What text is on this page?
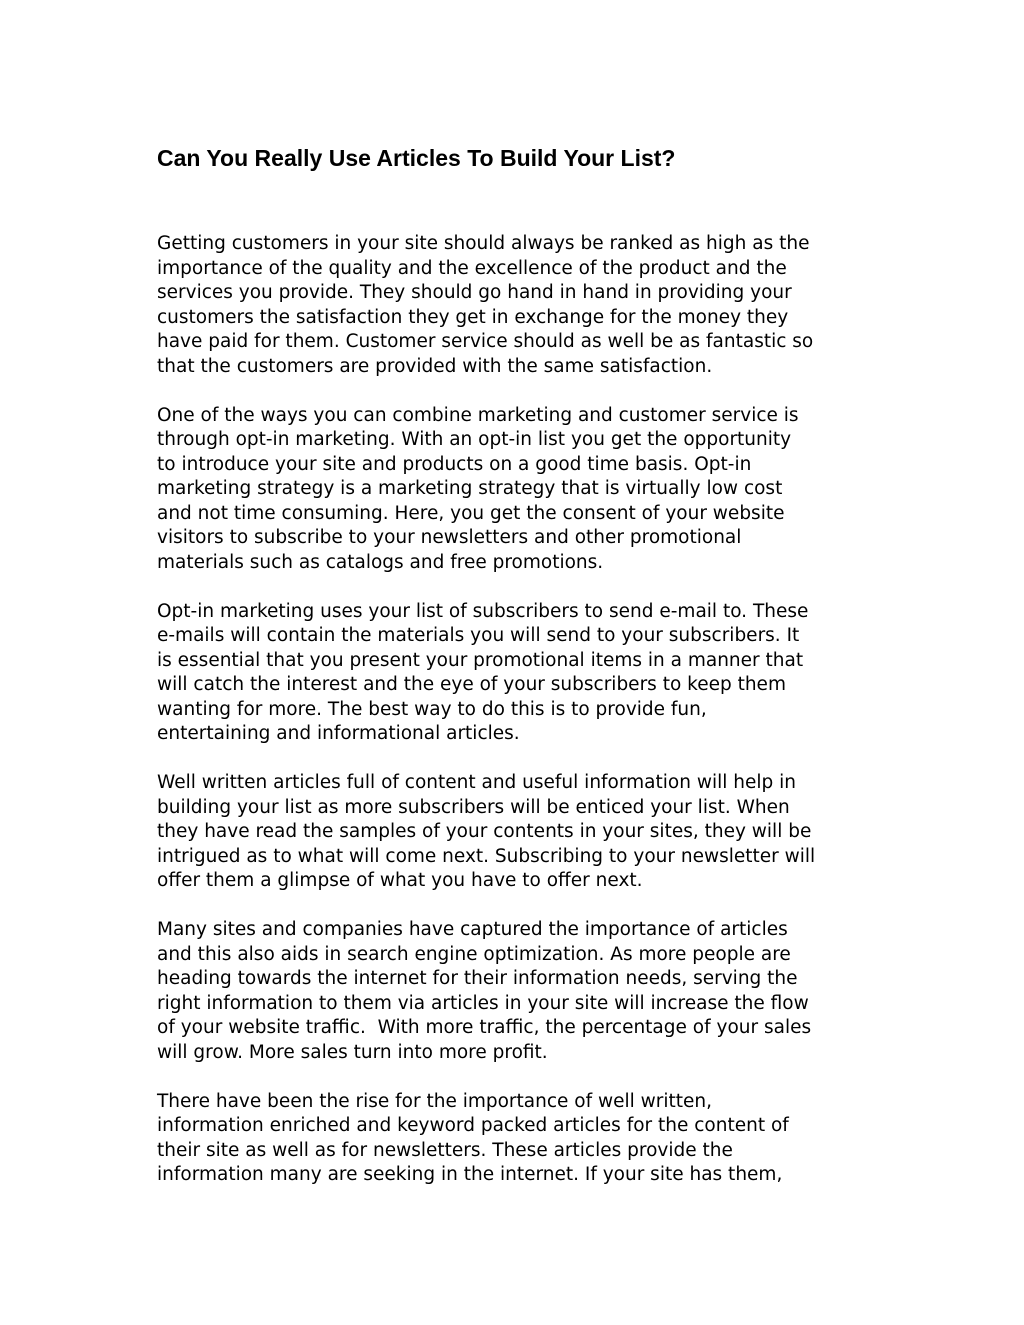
Can You Really Use Articles To Build Your List?

Getting customers in your site should always be ranked as high as the
importance of the quality and the excellence of the product and the
services you provide. They should go hand in hand in providing your
customers the satisfaction they get in exchange for the money they
have paid for them. Customer service should as well be as fantastic so
that the customers are provided with the same satisfaction.

One of the ways you can combine marketing and customer service is
through opt-in marketing. With an opt-in list you get the opportunity
to introduce your site and products on a good time basis. Opt-in
marketing strategy is a marketing strategy that is virtually low cost
and not time consuming. Here, you get the consent of your website
visitors to subscribe to your newsletters and other promotional
materials such as catalogs and free promotions.

Opt-in marketing uses your list of subscribers to send e-mail to. These
e-mails will contain the materials you will send to your subscribers. It
is essential that you present your promotional items in a manner that
will catch the interest and the eye of your subscribers to keep them
wanting for more. The best way to do this is to provide fun,
entertaining and informational articles.

Well written articles full of content and useful information will help in
building your list as more subscribers will be enticed your list. When
they have read the samples of your contents in your sites, they will be
intrigued as to what will come next. Subscribing to your newsletter will
offer them a glimpse of what you have to offer next.

Many sites and companies have captured the importance of articles
and this also aids in search engine optimization. As more people are
heading towards the internet for their information needs, serving the
right information to them via articles in your site will increase the flow
of your website traffic.  With more traffic, the percentage of your sales
will grow. More sales turn into more profit.

There have been the rise for the importance of well written,
information enriched and keyword packed articles for the content of
their site as well as for newsletters. These articles provide the
information many are seeking in the internet. If your site has them,
